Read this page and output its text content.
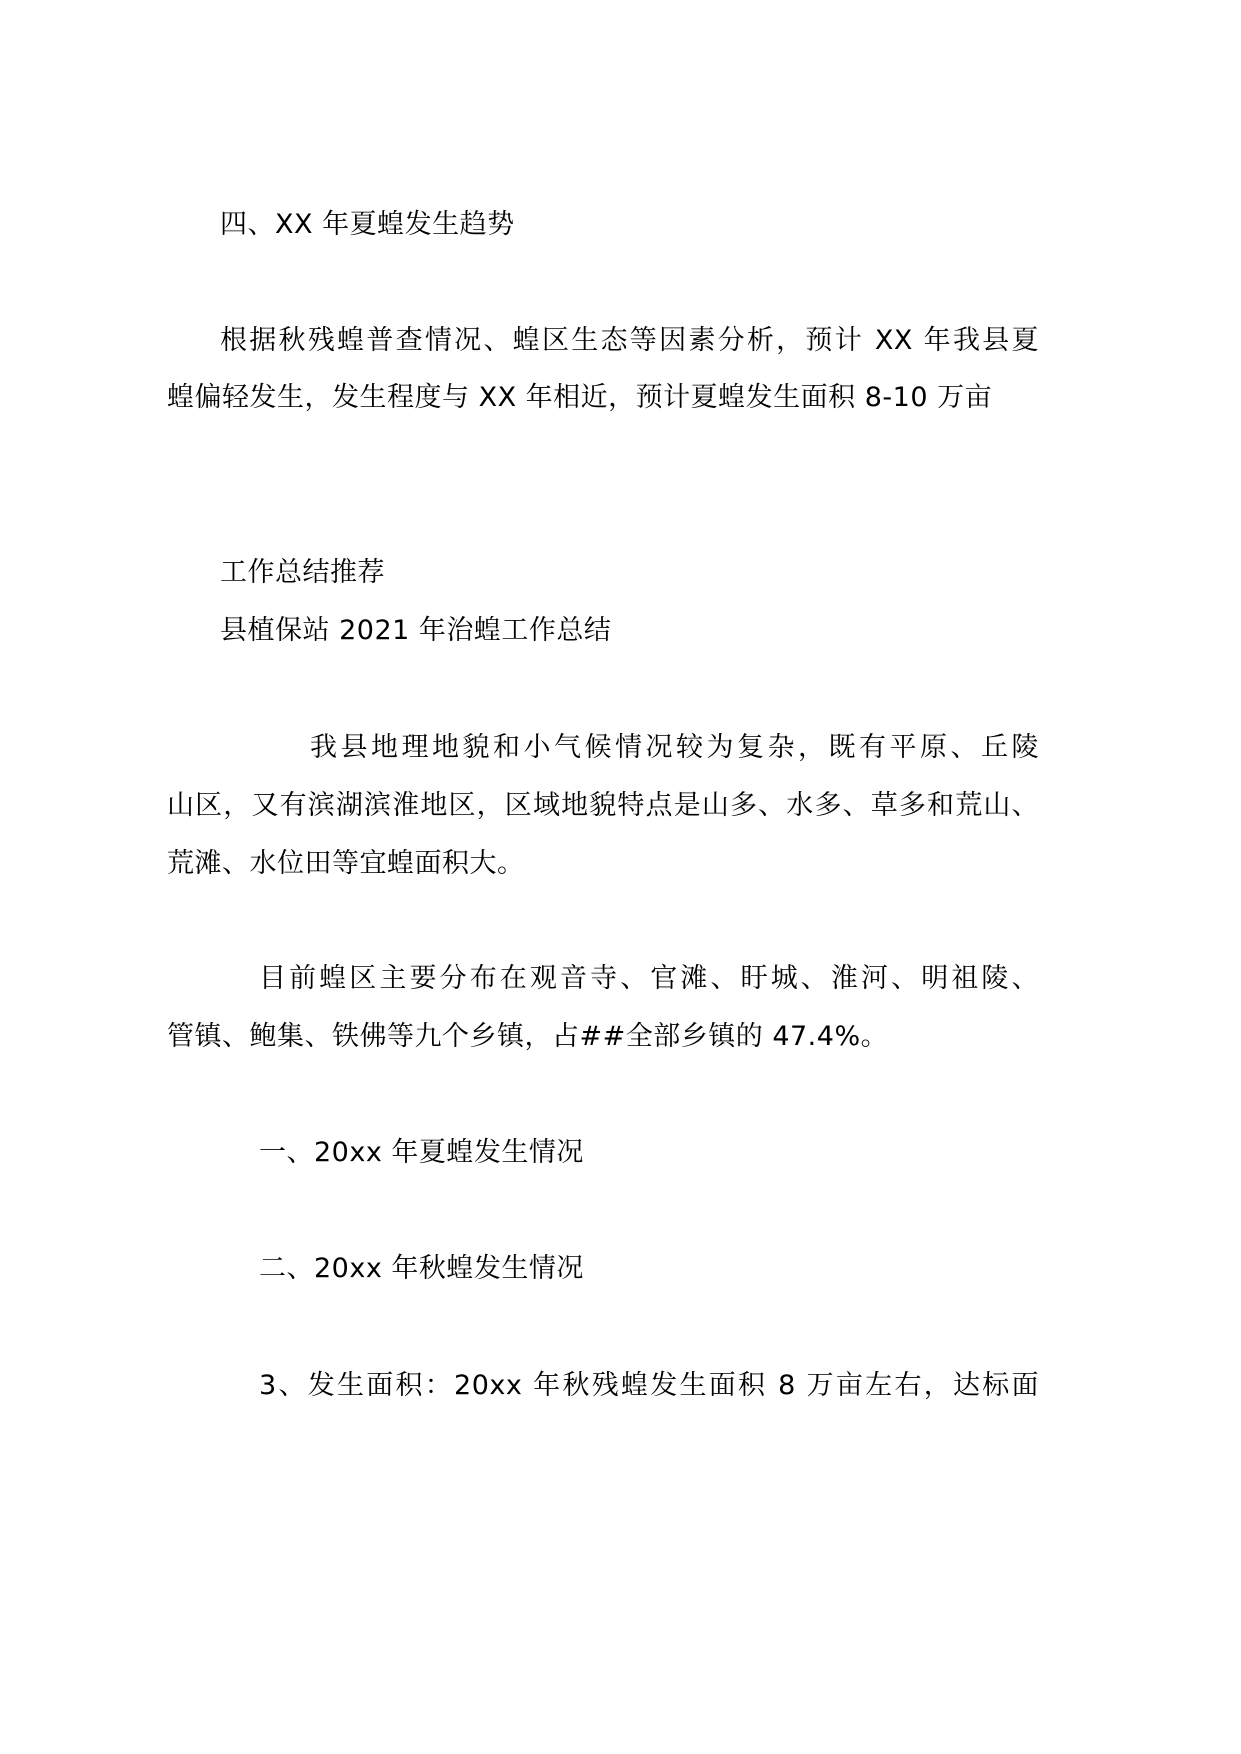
四、XX 年夏蝗发生趋势
根据秋残蝗普查情况、蝗区生态等因素分析，预计 XX 年我县夏
蝗偏轻发生，发生程度与 XX 年相近，预计夏蝗发生面积 8-10 万亩
工作总结推荐
县植保站 2021 年治蝗工作总结
我县地理地貌和小气候情况较为复杂，既有平原、丘陵
山区，又有滨湖滨淮地区，区域地貌特点是山多、水多、草多和荒山、
荒滩、水位田等宜蝗面积大。
目前蝗区主要分布在观音寺、官滩、盱城、淮河、明祖陵、
管镇、鲍集、铁佛等九个乡镇，占##全部乡镇的 47.4%。
一、20xx 年夏蝗发生情况
二、20xx 年秋蝗发生情况
3、发生面积：20xx 年秋残蝗发生面积 8 万亩左右，达标面
